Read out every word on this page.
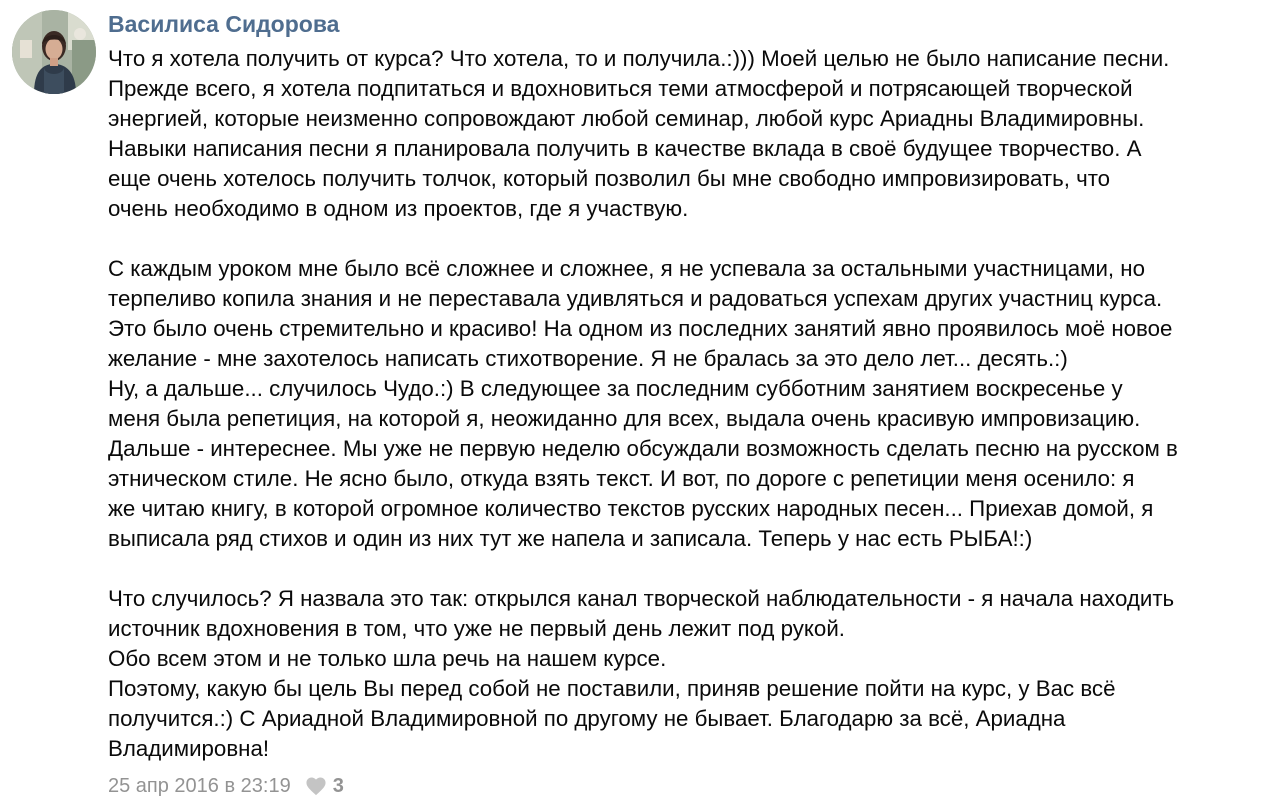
Василиса Сидорова
Что я хотела получить от курса? Что хотела, то и получила.:))) Моей целью не было написание песни.
Прежде всего, я хотела подпитаться и вдохновиться теми атмосферой и потрясающей творческой
энергией, которые неизменно сопровождают любой семинар, любой курс Ариадны Владимировны.
Навыки написания песни я планировала получить в качестве вклада в своё будущее творчество. А
еще очень хотелось получить толчок, который позволил бы мне свободно импровизировать, что
очень необходимо в одном из проектов, где я участвую.
С каждым уроком мне было всё сложнее и сложнее, я не успевала за остальными участницами, но
терпеливо копила знания и не переставала удивляться и радоваться успехам других участниц курса.
Это было очень стремительно и красиво! На одном из последних занятий явно проявилось моё новое
желание - мне захотелось написать стихотворение. Я не бралась за это дело лет... десять.:)
Ну, а дальше... случилось Чудо.:) В следующее за последним субботним занятием воскресенье у
меня была репетиция, на которой я, неожиданно для всех, выдала очень красивую импровизацию.
Дальше - интереснее. Мы уже не первую неделю обсуждали возможность сделать песню на русском в
этническом стиле. Не ясно было, откуда взять текст. И вот, по дороге с репетиции меня осенило: я
же читаю книгу, в которой огромное количество текстов русских народных песен... Приехав домой, я
выписала ряд стихов и один из них тут же напела и записала. Теперь у нас есть РЫБА!:)
Что случилось? Я назвала это так: открылся канал творческой наблюдательности - я начала находить
источник вдохновения в том, что уже не первый день лежит под рукой.
Обо всем этом и не только шла речь на нашем курсе.
Поэтому, какую бы цель Вы перед собой не поставили, приняв решение пойти на курс, у Вас всё
получится.:) С Ариадной Владимировной по другому не бывает. Благодарю за всё, Ариадна
Владимировна!
25 апр 2016 в 23:19 3
